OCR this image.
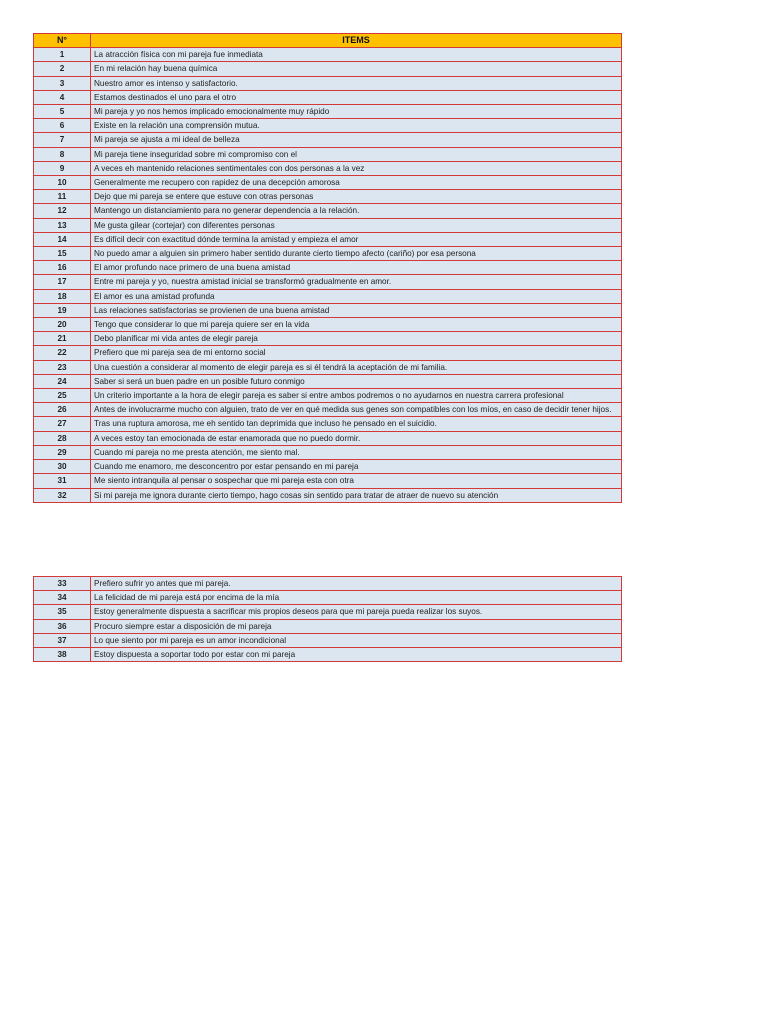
N°	ITEMS
1	La atracción física con mi pareja fue inmediata
2	En mi relación hay buena química
3	Nuestro amor es intenso y satisfactorio.
4	Estamos destinados el uno para el otro
5	Mi pareja y yo nos hemos implicado emocionalmente muy rápido
6	Existe en la relación una comprensión mutua.
7	Mi pareja se ajusta a mi ideal de belleza
8	Mi pareja tiene inseguridad sobre mi compromiso con el
9	A veces eh mantenido relaciones sentimentales con dos personas a la vez
10	Generalmente me recupero con rapidez de una decepción amorosa
11	Dejo que mi pareja se entere que estuve con otras personas
12	Mantengo un distanciamiento para no generar dependencia a la relación.
13	Me gusta gilear (cortejar) con diferentes personas
14	Es difícil decir con exactitud dónde termina la amistad y empieza el amor
15	No puedo amar a alguien sin primero haber sentido durante cierto tiempo afecto (cariño) por esa persona
16	El amor profundo nace primero de una buena amistad
17	Entre mi pareja y yo, nuestra amistad inicial se transformó gradualmente en amor.
18	El amor es una amistad profunda
19	Las relaciones satisfactorias se provienen de una buena amistad
20	Tengo que considerar lo que mi pareja quiere ser en la vida
21	Debo planificar mi vida antes de elegir pareja
22	Prefiero que mi pareja sea de mi entorno social
23	Una cuestión a considerar al momento de elegir pareja es si él tendrá la aceptación de mi familia.
24	Saber si será un buen padre en un posible futuro conmigo
25	Un criterio importante a la hora de elegir pareja es saber si entre ambos podremos o no ayudarnos en nuestra carrera profesional
26	Antes de involucrarme mucho con alguien, trato de ver en qué medida sus genes son compatibles con los míos, en caso de decidir tener hijos.
27	Tras una ruptura amorosa, me eh sentido tan deprimida que incluso he pensado en el suicidio.
28	A veces estoy tan emocionada de estar enamorada que no puedo dormir.
29	Cuando mi pareja no me presta atención, me siento mal.
30	Cuando me enamoro, me desconcentro por estar pensando en mi pareja
31	Me siento intranquila al pensar o sospechar que mi pareja esta con otra
32	Si mi pareja me ignora durante cierto tiempo, hago cosas sin sentido para tratar de atraer de nuevo su atención
33	Prefiero sufrir yo antes que mi pareja.
34	La felicidad de mi pareja está por encima de la mía
35	Estoy generalmente dispuesta a sacrificar mis propios deseos para que mi pareja pueda realizar los suyos.
36	Procuro siempre estar a disposición de mi pareja
37	Lo que siento por mi pareja es un amor incondicional
38	Estoy dispuesta a soportar todo por estar con mi pareja
